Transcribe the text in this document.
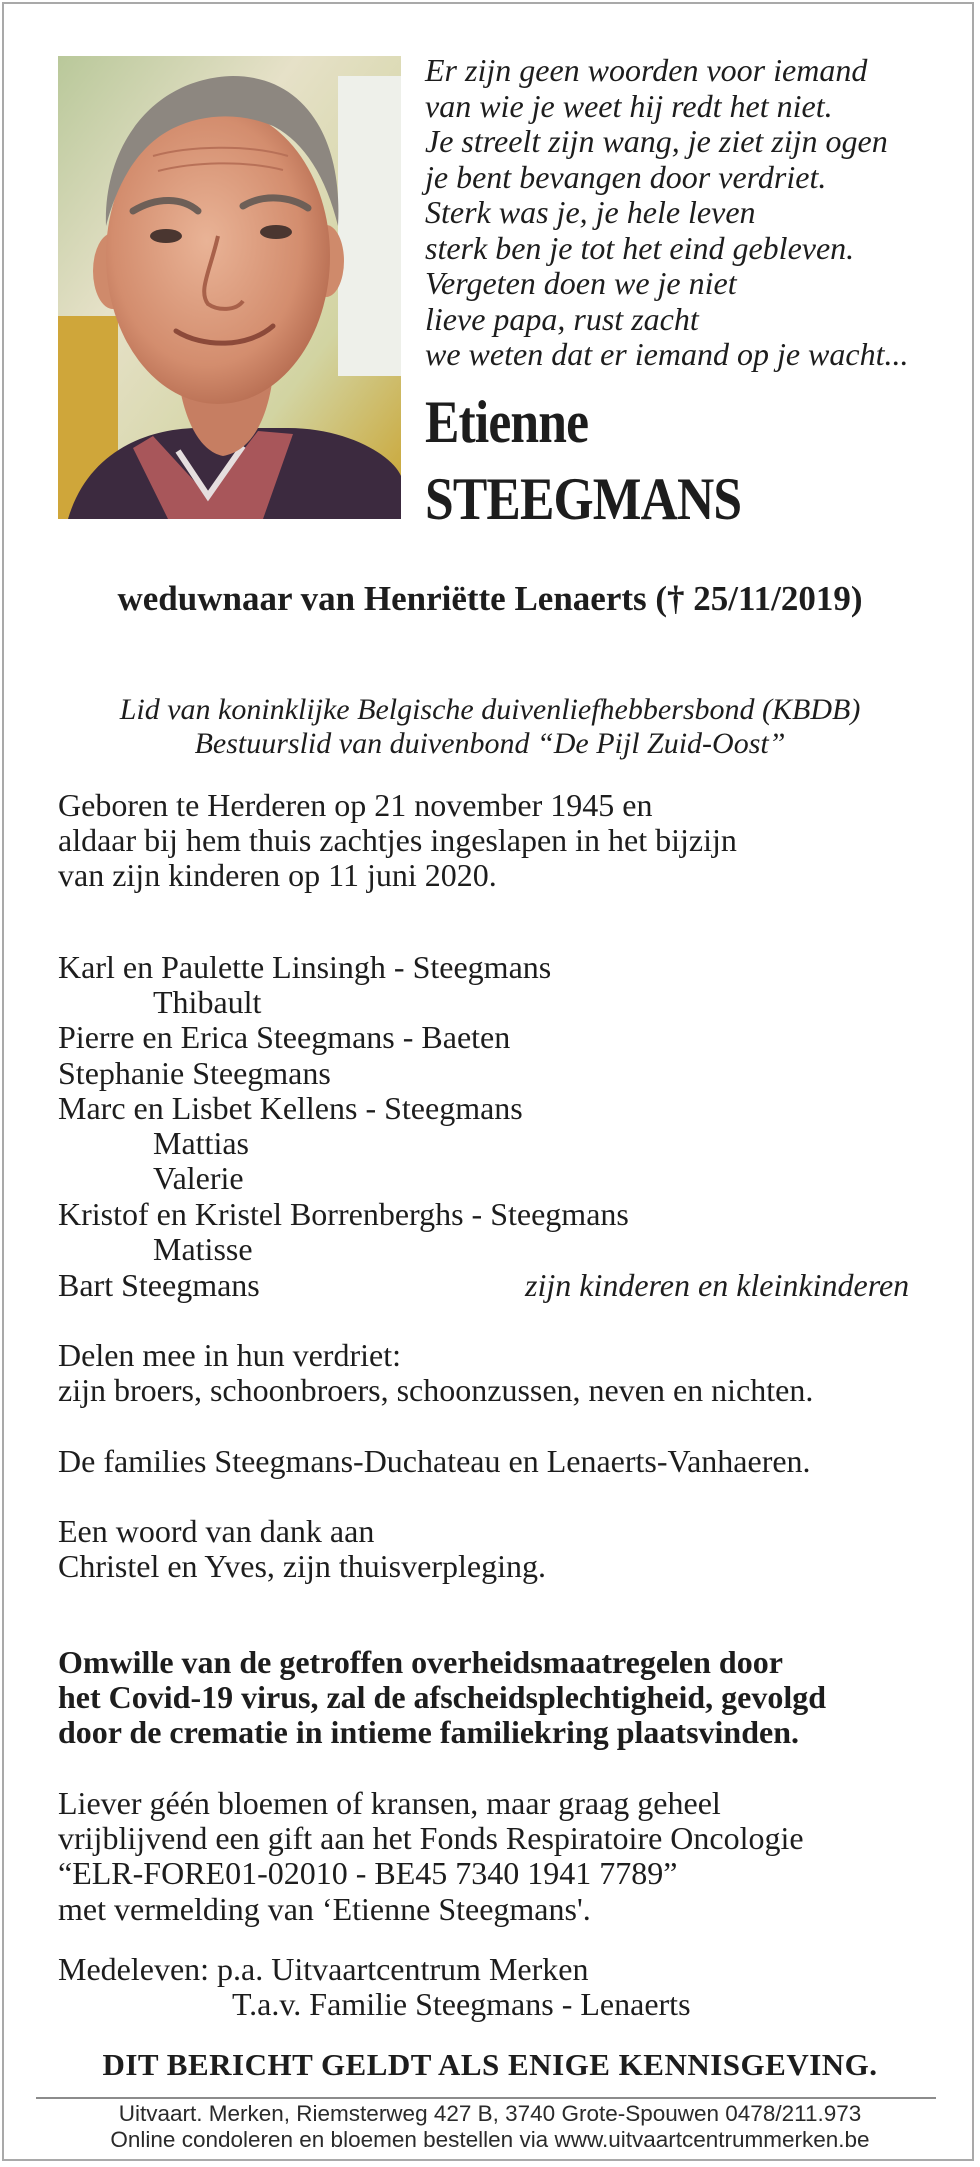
Er zijn geen woorden voor iemand
van wie je weet hij redt het niet.
Je streelt zijn wang, je ziet zijn ogen
je bent bevangen door verdriet.
Sterk was je, je hele leven
sterk ben je tot het eind gebleven.
Vergeten doen we je niet
lieve papa, rust zacht
we weten dat er iemand op je wacht...
Etienne
STEEGMANS
weduwnaar van Henriëtte Lenaerts († 25/11/2019)
Lid van koninklijke Belgische duivenliefhebbersbond (KBDB)
Bestuurslid van duivenbond “De Pijl Zuid-Oost”
Geboren te Herderen op 21 november 1945 en
aldaar bij hem thuis zachtjes ingeslapen in het bijzijn
van zijn kinderen op 11 juni 2020.
Karl en Paulette Linsingh - Steegmans
Thibault
Pierre en Erica Steegmans - Baeten
Stephanie Steegmans
Marc en Lisbet Kellens - Steegmans
Mattias
Valerie
Kristof en Kristel Borrenberghs - Steegmans
Matisse
Bart Steegmans	zijn kinderen en kleinkinderen
Delen mee in hun verdriet:
zijn broers, schoonbroers, schoonzussen, neven en nichten.
De families Steegmans-Duchateau en Lenaerts-Vanhaeren.
Een woord van dank aan
Christel en Yves, zijn thuisverpleging.
Omwille van de getroffen overheidsmaatregelen door
het Covid-19 virus, zal de afscheidsplechtigheid, gevolgd
door de crematie in intieme familiekring plaatsvinden.
Liever géén bloemen of kransen, maar graag geheel
vrijblijvend een gift aan het Fonds Respiratoire Oncologie
“ELR-FORE01-02010 - BE45 7340 1941 7789”
met vermelding van ‘Etienne Steegmans'.
Medeleven: p.a. Uitvaartcentrum Merken
T.a.v. Familie Steegmans - Lenaerts
DIT BERICHT GELDT ALS ENIGE KENNISGEVING.
Uitvaart. Merken, Riemsterweg 427 B, 3740 Grote-Spouwen 0478/211.973
Online condoleren en bloemen bestellen via www.uitvaartcentrummerken.be
